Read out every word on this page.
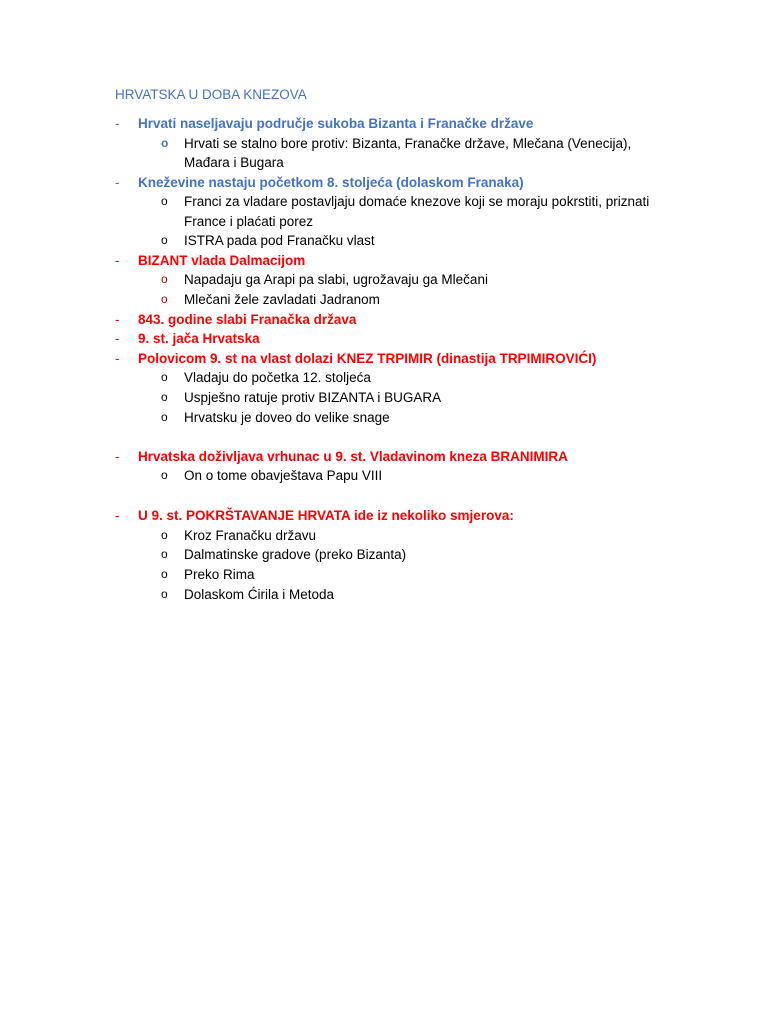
HRVATSKA U DOBA KNEZOVA
-	Hrvati naseljavaju područje sukoba Bizanta i Franačke države
o	Hrvati se stalno bore protiv: Bizanta, Franačke države, Mlečana (Venecija),
Mađara i Bugara
-	Kneževine nastaju početkom 8. stoljeća (dolaskom Franaka)
o	Franci za vladare postavljaju domaće knezove koji se moraju pokrstiti, priznati
France i plaćati porez
o	ISTRA pada pod Franačku vlast
-	BIZANT vlada Dalmacijom
o	Napadaju ga Arapi pa slabi, ugrožavaju ga Mlečani
o	Mlečani žele zavladati Jadranom
-	843. godine slabi Franačka država
-	9. st. jača Hrvatska
-	Polovicom 9. st na vlast dolazi KNEZ TRPIMIR (dinastija TRPIMIROVIĆI)
o	Vladaju do početka 12. stoljeća
o	Uspješno ratuje protiv BIZANTA i BUGARA
o	Hrvatsku je doveo do velike snage
-	Hrvatska doživljava vrhunac u 9. st. Vladavinom kneza BRANIMIRA
o	On o tome obavještava Papu VIII
-	U 9. st. POKRŠTAVANJE HRVATA ide iz nekoliko smjerova:
o	Kroz Franačku državu
o	Dalmatinske gradove (preko Bizanta)
o	Preko Rima
o	Dolaskom Ćirila i Metoda
